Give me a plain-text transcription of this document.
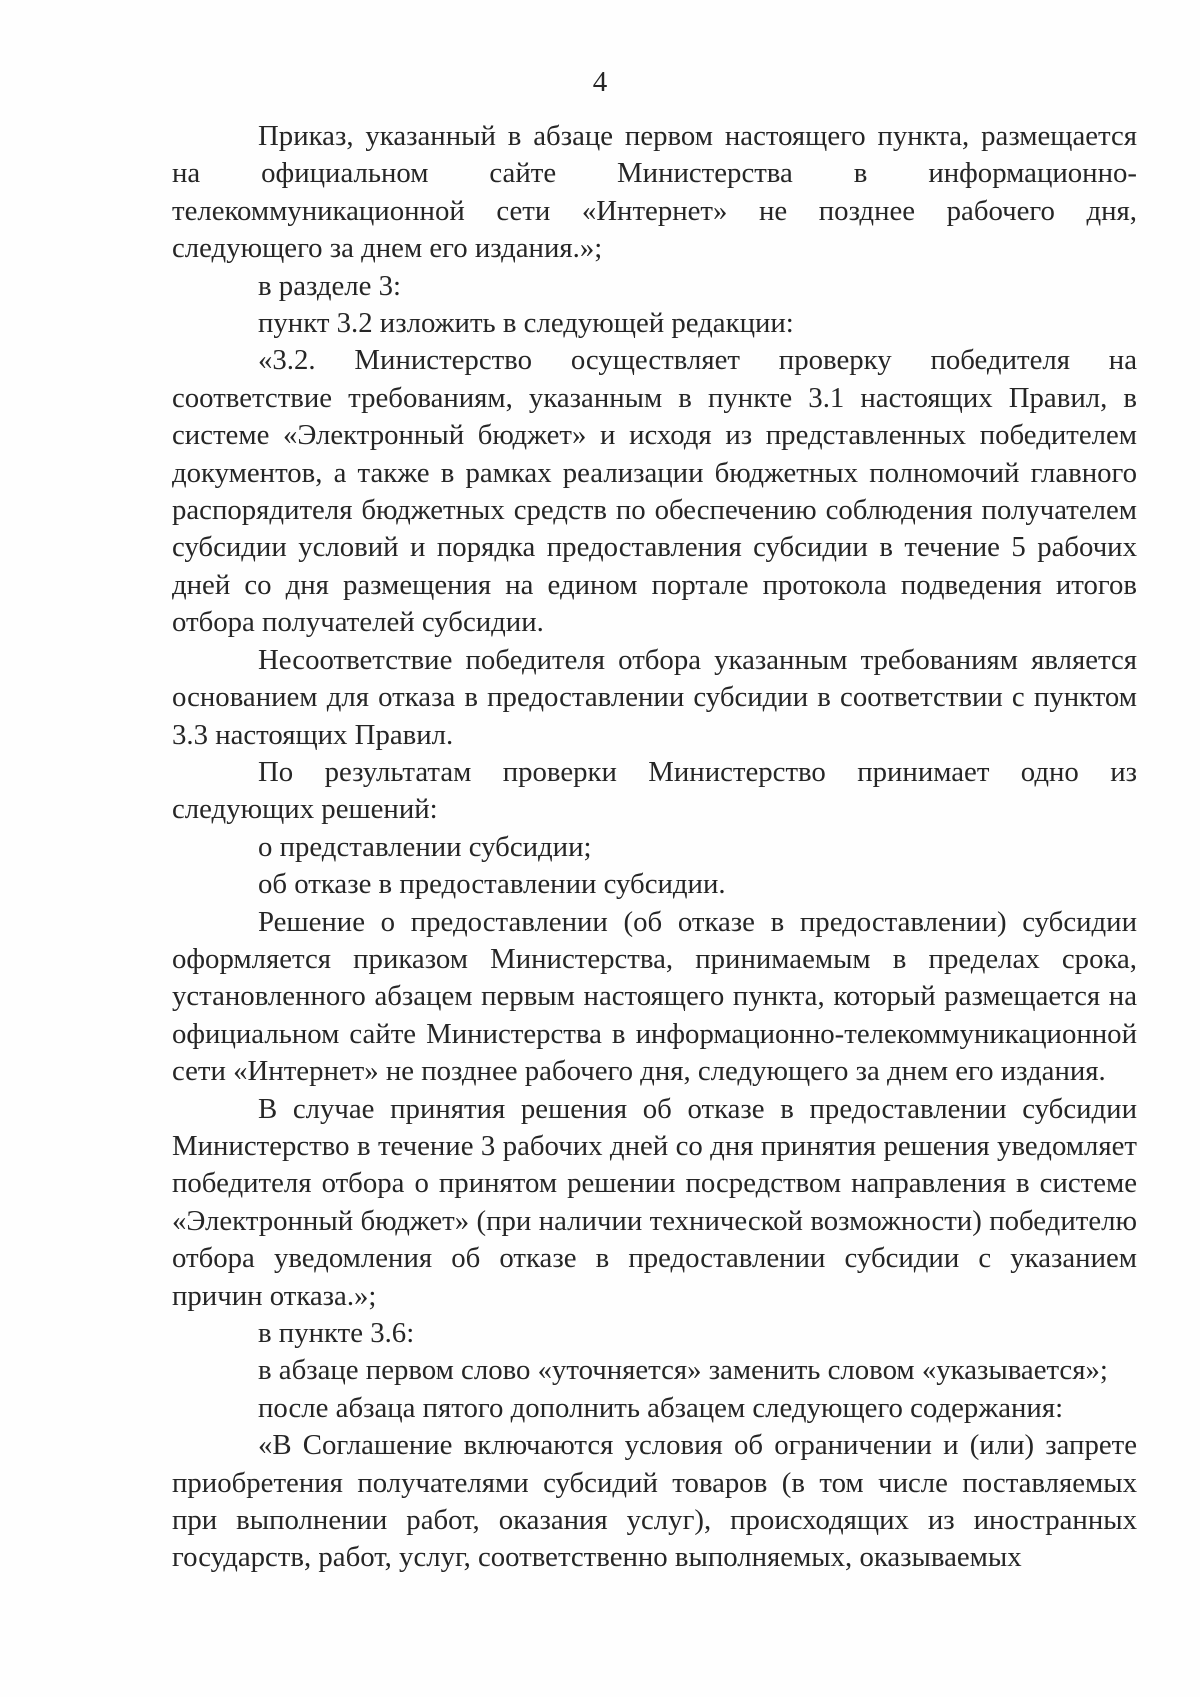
4

Приказ, указанный в абзаце первом настоящего пункта, размещается на официальном сайте Министерства в информационно-телекоммуникационной сети «Интернет» не позднее рабочего дня, следующего за днем его издания.»;

в разделе 3:

пункт 3.2 изложить в следующей редакции:

«3.2. Министерство осуществляет проверку победителя на соответствие требованиям, указанным в пункте 3.1 настоящих Правил, в системе «Электронный бюджет» и исходя из представленных победителем документов, а также в рамках реализации бюджетных полномочий главного распорядителя бюджетных средств по обеспечению соблюдения получателем субсидии условий и порядка предоставления субсидии в течение 5 рабочих дней со дня размещения на едином портале протокола подведения итогов отбора получателей субсидии.

Несоответствие победителя отбора указанным требованиям является основанием для отказа в предоставлении субсидии в соответствии с пунктом 3.3 настоящих Правил.

По результатам проверки Министерство принимает одно из следующих решений:

о представлении субсидии;

об отказе в предоставлении субсидии.

Решение о предоставлении (об отказе в предоставлении) субсидии оформляется приказом Министерства, принимаемым в пределах срока, установленного абзацем первым настоящего пункта, который размещается на официальном сайте Министерства в информационно-телекоммуникационной сети «Интернет» не позднее рабочего дня, следующего за днем его издания.

В случае принятия решения об отказе в предоставлении субсидии Министерство в течение 3 рабочих дней со дня принятия решения уведомляет победителя отбора о принятом решении посредством направления в системе «Электронный бюджет» (при наличии технической возможности) победителю отбора уведомления об отказе в предоставлении субсидии с указанием причин отказа.»;

в пункте 3.6:

в абзаце первом слово «уточняется» заменить словом «указывается»;

после абзаца пятого дополнить абзацем следующего содержания:

«В Соглашение включаются условия об ограничении и (или) запрете приобретения получателями субсидий товаров (в том числе поставляемых при выполнении работ, оказания услуг), происходящих из иностранных государств, работ, услуг, соответственно выполняемых, оказываемых
